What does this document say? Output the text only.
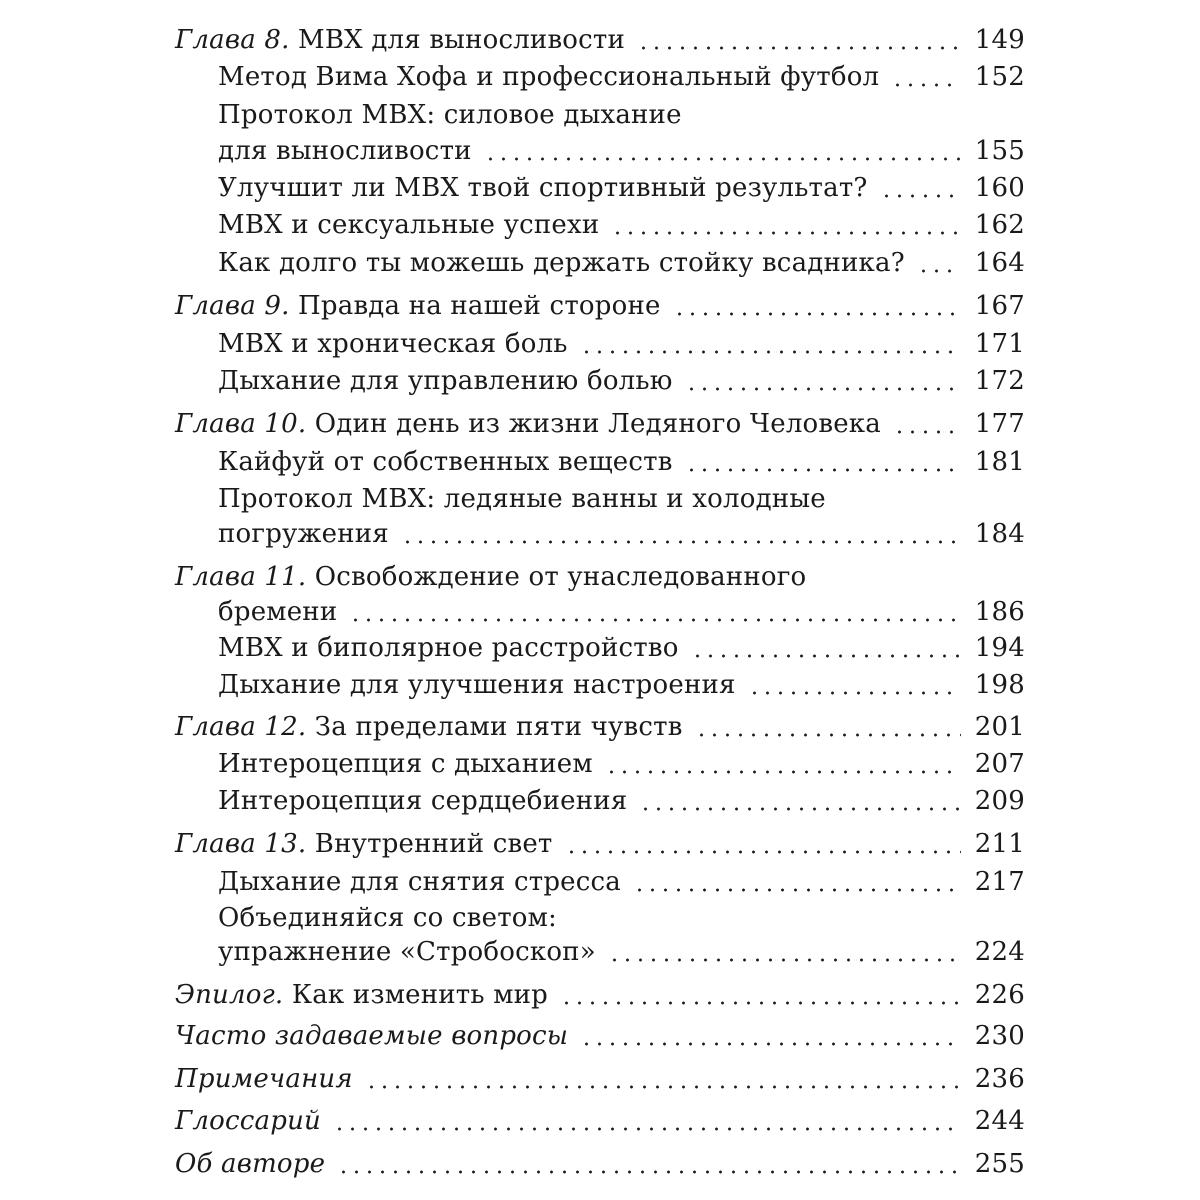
Глава 8. МВХ для выносливости	149
Метод Вима Хофа и профессиональный футбол	152
Протокол МВХ: силовое дыхание
для выносливости	155
Улучшит ли МВХ твой спортивный результат?	160
МВХ и сексуальные успехи	162
Как долго ты можешь держать стойку всадника?	164
Глава 9. Правда на нашей стороне	167
МВХ и хроническая боль	171
Дыхание для управлению болью	172
Глава 10. Один день из жизни Ледяного Человека	177
Кайфуй от собственных веществ	181
Протокол МВХ: ледяные ванны и холодные
погружения	184
Глава 11. Освобождение от унаследованного
бремени	186
МВХ и биполярное расстройство	194
Дыхание для улучшения настроения	198
Глава 12. За пределами пяти чувств	201
Интероцепция с дыханием	207
Интероцепция сердцебиения	209
Глава 13. Внутренний свет	211
Дыхание для снятия стресса	217
Объединяйся со светом:
упражнение «Стробоскоп»	224
Эпилог. Как изменить мир	226
Часто задаваемые вопросы	230
Примечания	236
Глоссарий	244
Об авторе	255
